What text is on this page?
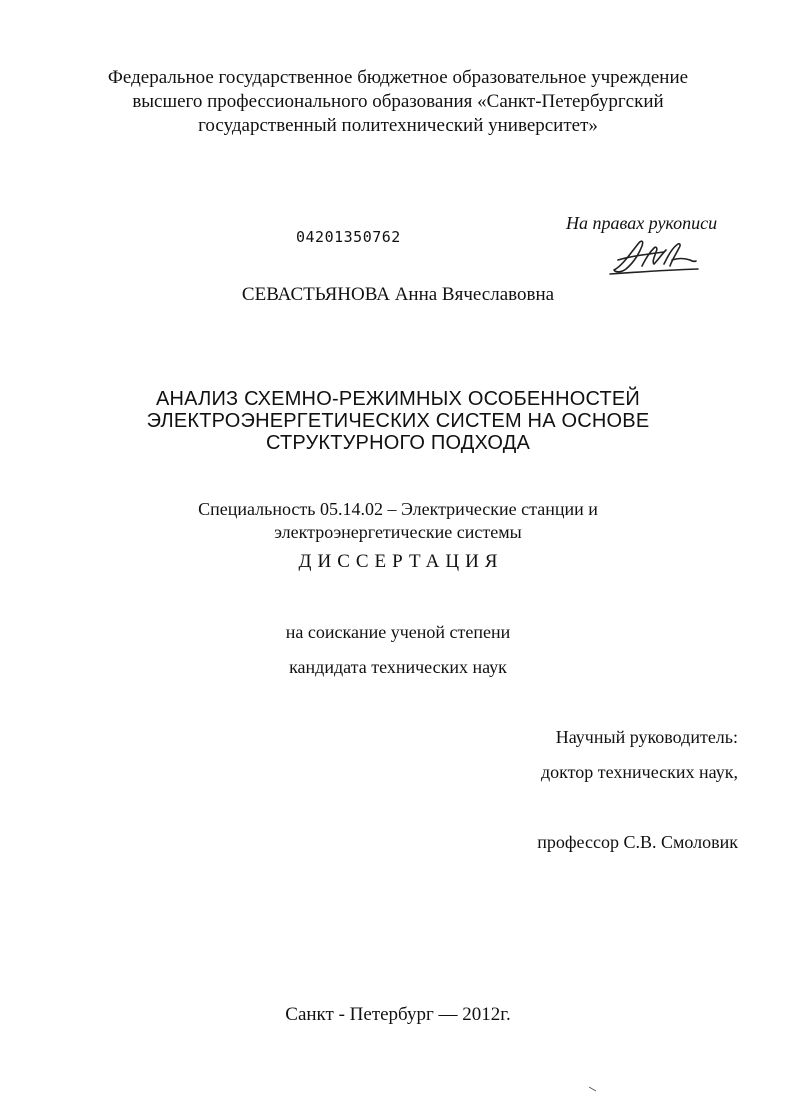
Федеральное государственное бюджетное образовательное учреждение
высшего профессионального образования «Санкт-Петербургский
государственный политехнический университет»
04201350762
На правах рукописи
СЕВАСТЬЯНОВА Анна Вячеславовна
АНАЛИЗ СХЕМНО-РЕЖИМНЫХ ОСОБЕННОСТЕЙ
ЭЛЕКТРОЭНЕРГЕТИЧЕСКИХ СИСТЕМ НА ОСНОВЕ
СТРУКТУРНОГО ПОДХОДА
Специальность 05.14.02 – Электрические станции и
электроэнергетические системы
ДИССЕРТАЦИЯ
на соискание ученой степени
кандидата технических наук
Научный руководитель:
доктор технических наук,
профессор С.В. Смоловик
Санкт - Петербург — 2012г.
